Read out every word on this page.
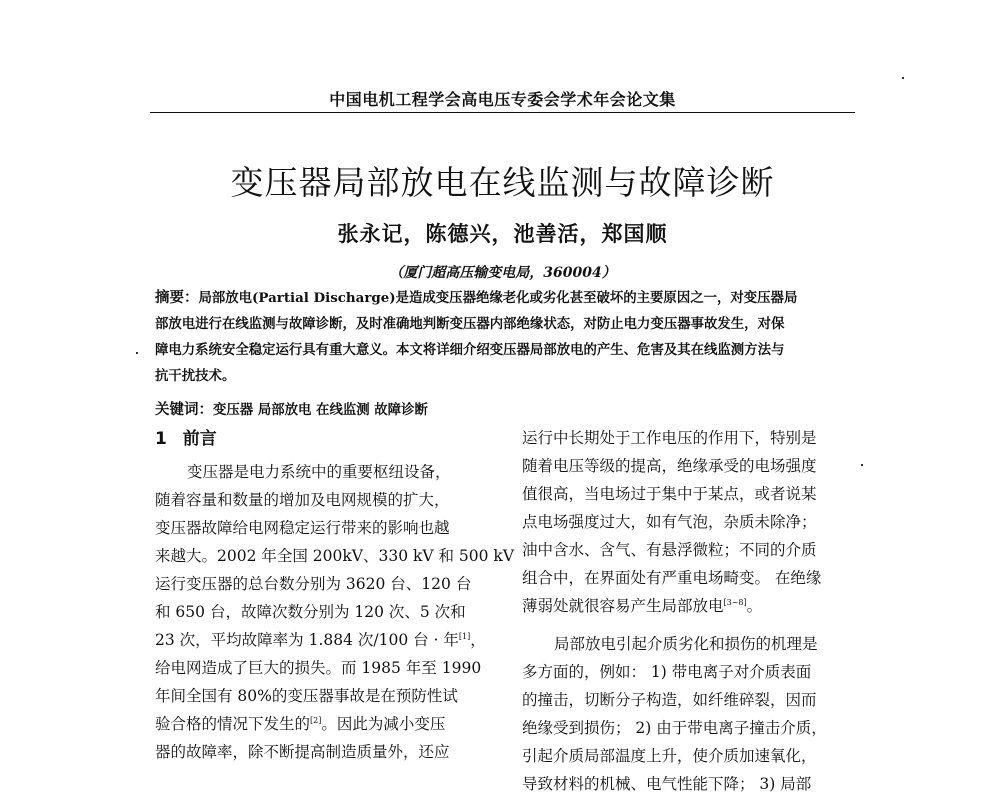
中国电机工程学会高电压专委会学术年会论文集
变压器局部放电在线监测与故障诊断
张永记，陈德兴，池善活，郑国顺
（厦门超高压输变电局，360004）
摘要：局部放电(Partial Discharge)是造成变压器绝缘老化或劣化甚至破坏的主要原因之一，对变压器局
部放电进行在线监测与故障诊断，及时准确地判断变压器内部绝缘状态，对防止电力变压器事故发生，对保
障电力系统安全稳定运行具有重大意义。本文将详细介绍变压器局部放电的产生、危害及其在线监测方法与
抗干扰技术。
关键词：变压器 局部放电 在线监测 故障诊断
1 前言
变压器是电力系统中的重要枢纽设备，
随着容量和数量的增加及电网规模的扩大，
变压器故障给电网稳定运行带来的影响也越
来越大。2002 年全国 200kV、330 kV 和 500 kV
运行变压器的总台数分别为 3620 台、120 台
和 650 台，故障次数分别为 120 次、5 次和
23 次，平均故障率为 1.884 次/100 台 · 年[1]，
给电网造成了巨大的损失。而 1985 年至 1990
年间全国有 80%的变压器事故是在预防性试
验合格的情况下发生的[2]。因此为减小变压
器的故障率，除不断提高制造质量外，还应
运行中长期处于工作电压的作用下，特别是
随着电压等级的提高，绝缘承受的电场强度
值很高，当电场过于集中于某点，或者说某
点电场强度过大，如有气泡，杂质未除净；
油中含水、含气、有悬浮微粒；不同的介质
组合中，在界面处有严重电场畸变。 在绝缘
薄弱处就很容易产生局部放电[3~8]。
局部放电引起介质劣化和损伤的机理是
多方面的，例如： 1) 带电离子对介质表面
的撞击，切断分子构造，如纤维碎裂，因而
绝缘受到损伤； 2) 由于带电离子撞击介质，
引起介质局部温度上升，使介质加速氧化，
导致材料的机械、电气性能下降； 3) 局部
